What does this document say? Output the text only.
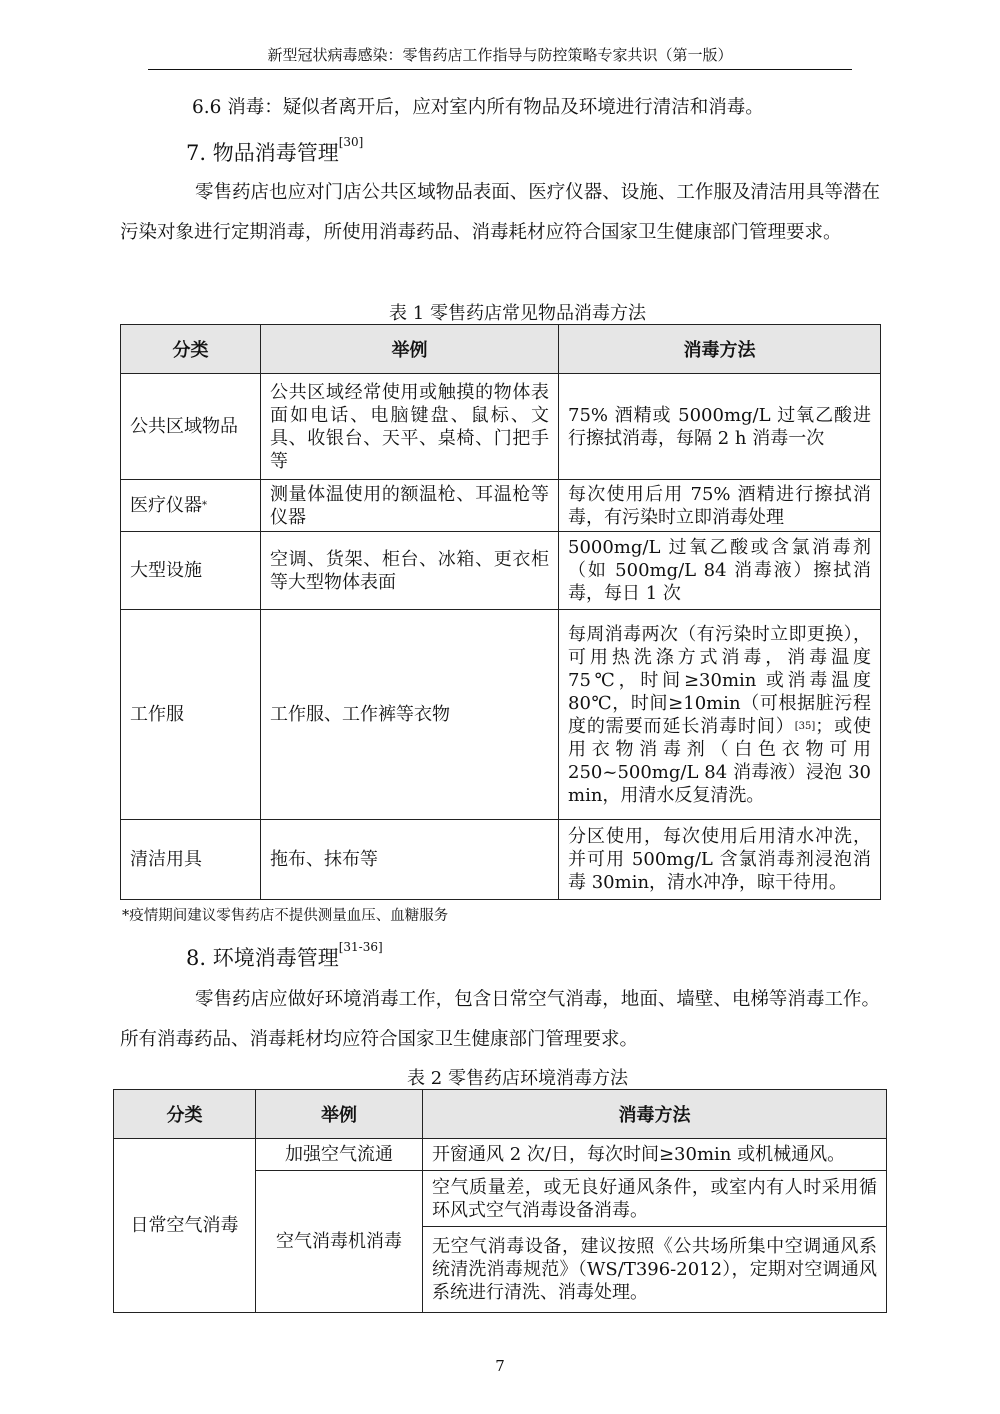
新型冠状病毒感染：零售药店工作指导与防控策略专家共识（第一版）
6.6 消毒：疑似者离开后，应对室内所有物品及环境进行清洁和消毒。
7. 物品消毒管理[30]
零售药店也应对门店公共区域物品表面、医疗仪器、设施、工作服及清洁用具等潜在污染对象进行定期消毒，所使用消毒药品、消毒耗材应符合国家卫生健康部门管理要求。
表 1 零售药店常见物品消毒方法
分类	举例	消毒方法
公共区域物品	公共区域经常使用或触摸的物体表面如电话、电脑键盘、鼠标、文具、收银台、天平、桌椅、门把手等	75% 酒精或 5000mg/L 过氧乙酸进行擦拭消毒，每隔 2 h 消毒一次
医疗仪器*	测量体温使用的额温枪、耳温枪等仪器	每次使用后用 75% 酒精进行擦拭消毒，有污染时立即消毒处理
大型设施	空调、货架、柜台、冰箱、更衣柜等大型物体表面	5000mg/L 过氧乙酸或含氯消毒剂（如 500mg/L 84 消毒液）擦拭消毒，每日 1 次
工作服	工作服、工作裤等衣物	每周消毒两次（有污染时立即更换），可用热洗涤方式消毒，消毒温度 75℃，时间≥30min 或消毒温度 80℃，时间≥10min（可根据脏污程度的需要而延长消毒时间）[35]；或使用衣物消毒剂（白色衣物可用 250~500mg/L 84 消毒液）浸泡 30 min，用清水反复清洗。
清洁用具	拖布、抹布等	分区使用，每次使用后用清水冲洗，并可用 500mg/L 含氯消毒剂浸泡消毒 30min，清水冲净，晾干待用。
*疫情期间建议零售药店不提供测量血压、血糖服务
8. 环境消毒管理[31-36]
零售药店应做好环境消毒工作，包含日常空气消毒，地面、墙壁、电梯等消毒工作。所有消毒药品、消毒耗材均应符合国家卫生健康部门管理要求。
表 2 零售药店环境消毒方法
分类	举例	消毒方法
日常空气消毒	加强空气流通	开窗通风 2 次/日，每次时间≥30min 或机械通风。
	空气消毒机消毒	空气质量差，或无良好通风条件，或室内有人时采用循环风式空气消毒设备消毒。
		无空气消毒设备，建议按照《公共场所集中空调通风系统清洗消毒规范》（WS/T396-2012），定期对空调通风系统进行清洗、消毒处理。
7
